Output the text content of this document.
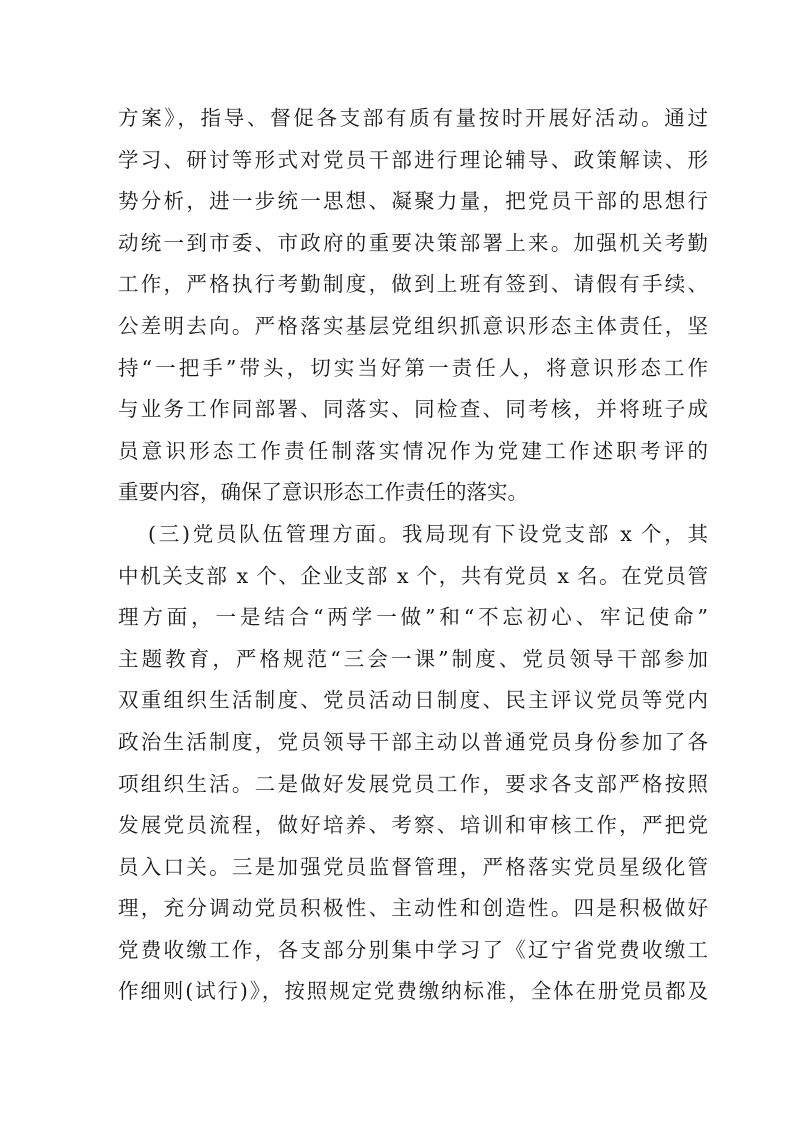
方案》，指导、督促各支部有质有量按时开展好活动。通过
学习、研讨等形式对党员干部进行理论辅导、政策解读、形
势分析，进一步统一思想、凝聚力量，把党员干部的思想行
动统一到市委、市政府的重要决策部署上来。加强机关考勤
工作，严格执行考勤制度，做到上班有签到、请假有手续、
公差明去向。严格落实基层党组织抓意识形态主体责任，坚
持“一把手”带头，切实当好第一责任人，将意识形态工作
与业务工作同部署、同落实、同检查、同考核，并将班子成
员意识形态工作责任制落实情况作为党建工作述职考评的
重要内容，确保了意识形态工作责任的落实。
(三)党员队伍管理方面。我局现有下设党支部 x 个，其
中机关支部 x 个、企业支部 x 个，共有党员 x 名。在党员管
理方面，一是结合“两学一做”和“不忘初心、牢记使命”
主题教育，严格规范“三会一课”制度、党员领导干部参加
双重组织生活制度、党员活动日制度、民主评议党员等党内
政治生活制度，党员领导干部主动以普通党员身份参加了各
项组织生活。二是做好发展党员工作，要求各支部严格按照
发展党员流程，做好培养、考察、培训和审核工作，严把党
员入口关。三是加强党员监督管理，严格落实党员星级化管
理，充分调动党员积极性、主动性和创造性。四是积极做好
党费收缴工作，各支部分别集中学习了《辽宁省党费收缴工
作细则(试行)》，按照规定党费缴纳标准，全体在册党员都及
